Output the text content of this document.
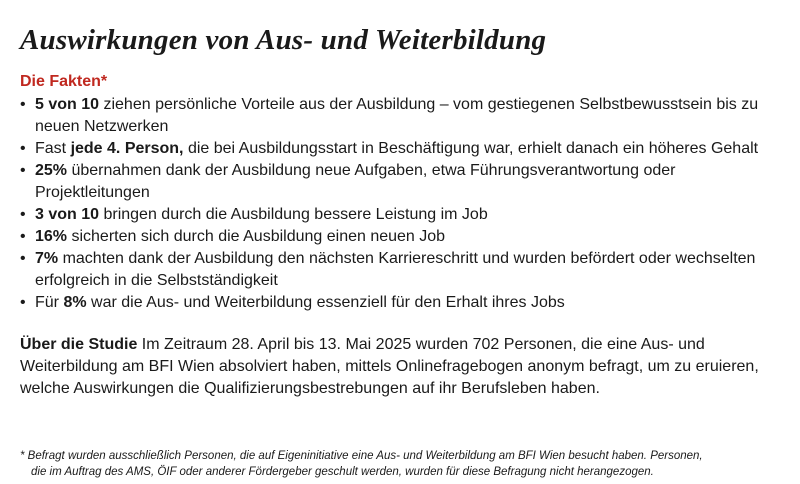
Auswirkungen von Aus- und Weiterbildung
Die Fakten*
• 5 von 10 ziehen persönliche Vorteile aus der Ausbildung – vom gestiegenen Selbstbewusstsein bis zu neuen Netzwerken
• Fast jede 4. Person, die bei Ausbildungsstart in Beschäftigung war, erhielt danach ein höheres Gehalt
• 25% übernahmen dank der Ausbildung neue Aufgaben, etwa Führungsverantwortung oder Projektleitungen
• 3 von 10 bringen durch die Ausbildung bessere Leistung im Job
• 16% sicherten sich durch die Ausbildung einen neuen Job
• 7% machten dank der Ausbildung den nächsten Karriereschritt und wurden befördert oder wechselten erfolgreich in die Selbstständigkeit
• Für 8% war die Aus- und Weiterbildung essenziell für den Erhalt ihres Jobs

Über die Studie Im Zeitraum 28. April bis 13. Mai 2025 wurden 702 Personen, die eine Aus- und Weiterbildung am BFI Wien absolviert haben, mittels Onlinefragebogen anonym befragt, um zu eruieren, welche Auswirkungen die Qualifizierungsbestrebungen auf ihr Berufsleben haben.

* Befragt wurden ausschließlich Personen, die auf Eigeninitiative eine Aus- und Weiterbildung am BFI Wien besucht haben. Personen,
die im Auftrag des AMS, ÖIF oder anderer Fördergeber geschult werden, wurden für diese Befragung nicht herangezogen.
